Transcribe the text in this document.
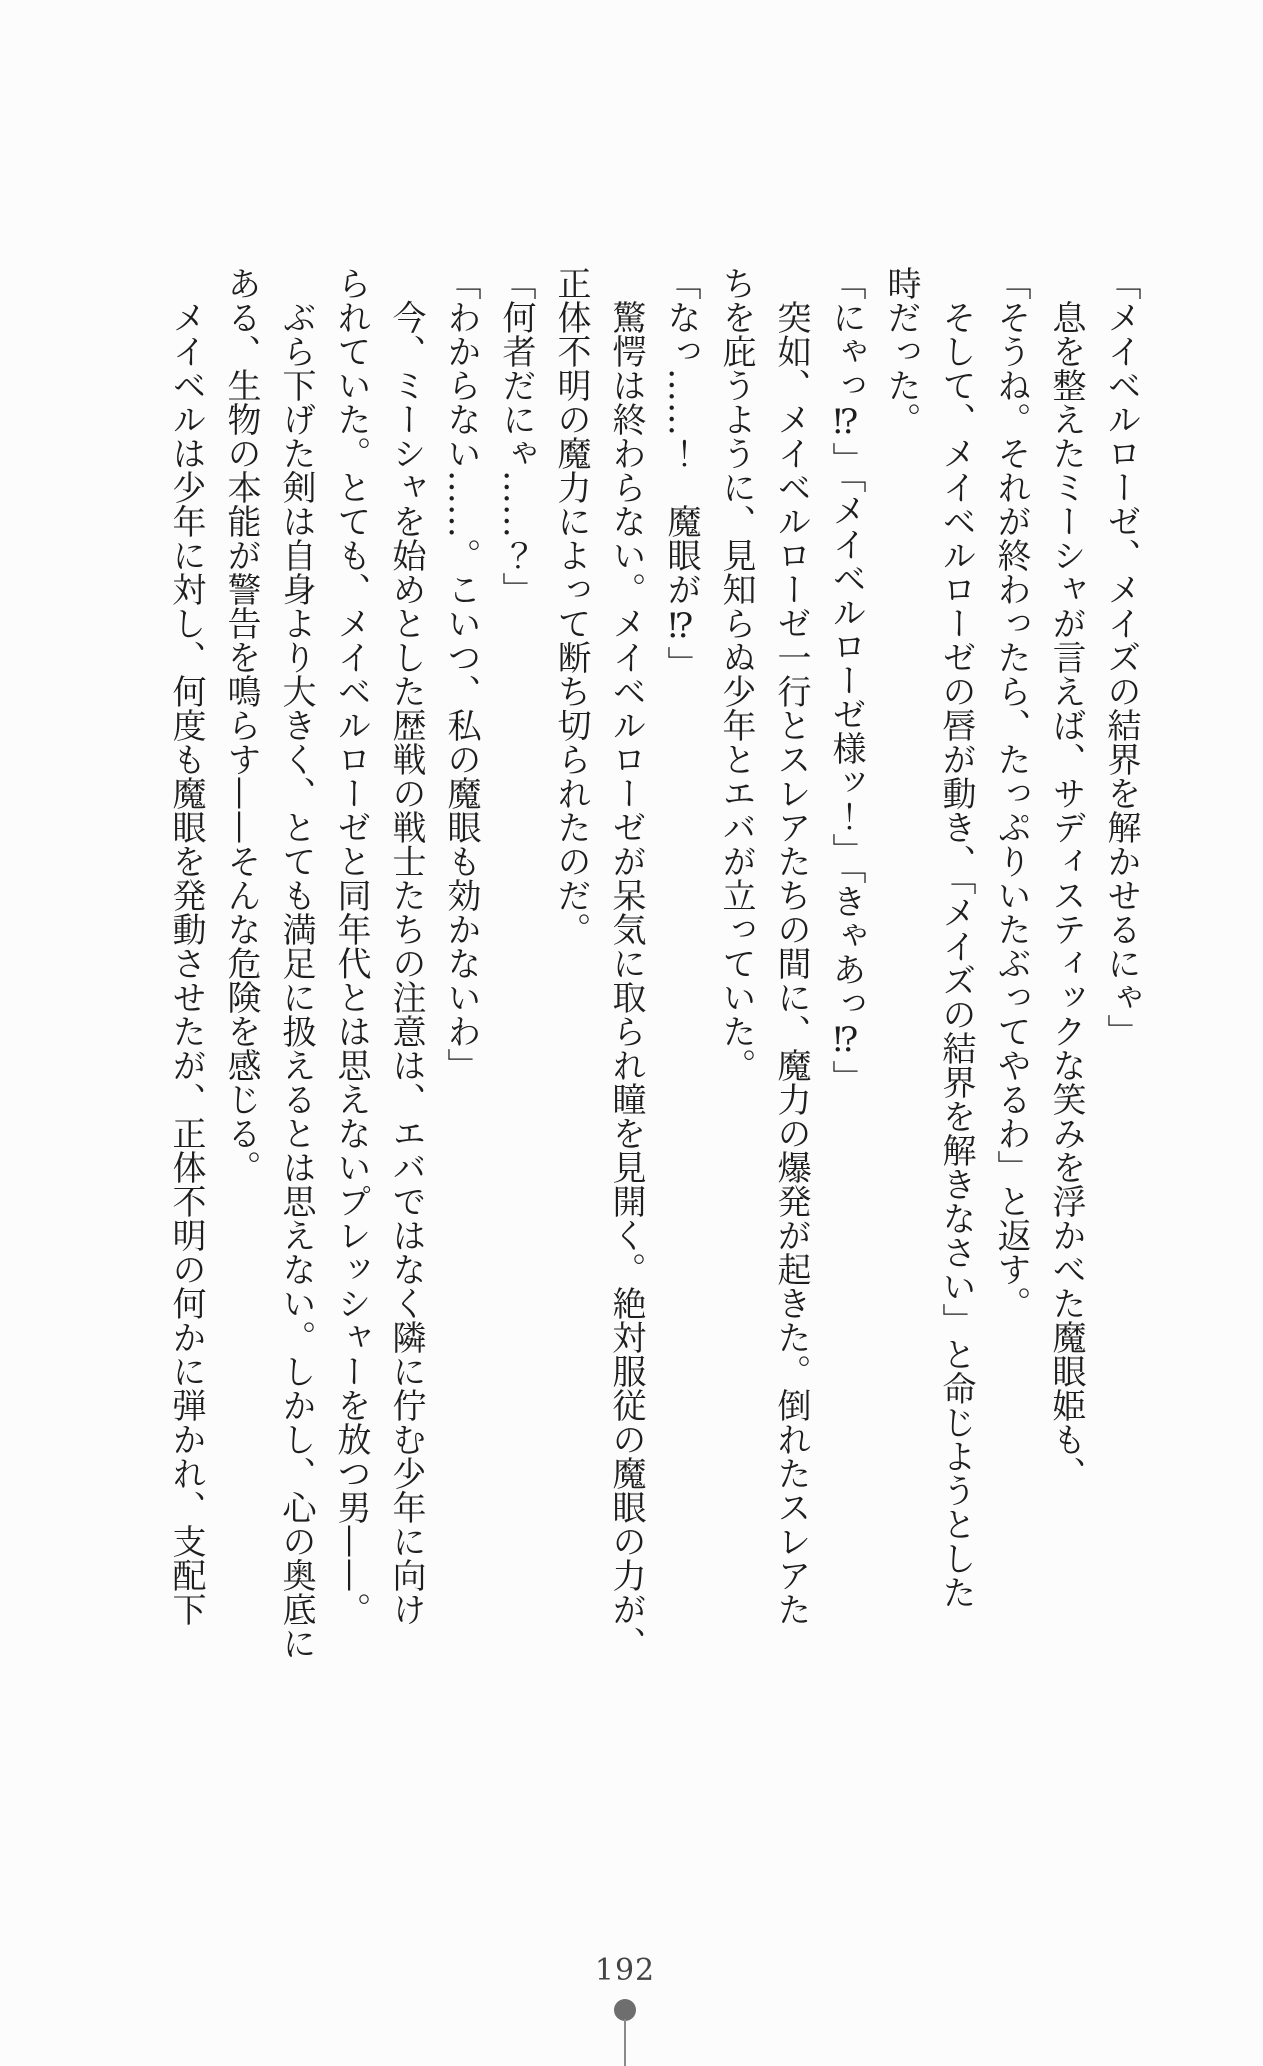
「メイベルローゼ、メイズの結界を解かせるにゃ」

息を整えたミーシャが言えば、サディスティックな笑みを浮かべた魔眼姫も、

「そうね。それが終わったら、たっぷりいたぶってやるわ」と返す。

そして、メイベルローゼの唇が動き、「メイズの結界を解きなさい」と命じようとした

時だった。

「にゃっ⁉」「メイベルローゼ様ッ！」「きゃあっ⁉」

突如、メイベルローゼ一行とスレアたちの間に、魔力の爆発が起きた。倒れたスレアた

ちを庇うように、見知らぬ少年とエバが立っていた。

「なっ……！　魔眼が⁉」

驚愕は終わらない。メイベルローゼが呆気に取られ瞳を見開く。絶対服従の魔眼の力が、

正体不明の魔力によって断ち切られたのだ。

「何者だにゃ……？」

「わからない……。こいつ、私の魔眼も効かないわ」

今、ミーシャを始めとした歴戦の戦士たちの注意は、エバではなく隣に佇む少年に向け

られていた。とても、メイベルローゼと同年代とは思えないプレッシャーを放つ男——。

ぶら下げた剣は自身より大きく、とても満足に扱えるとは思えない。しかし、心の奥底に

ある、生物の本能が警告を鳴らす——そんな危険を感じる。

メイベルは少年に対し、何度も魔眼を発動させたが、正体不明の何かに弾かれ、支配下

192
